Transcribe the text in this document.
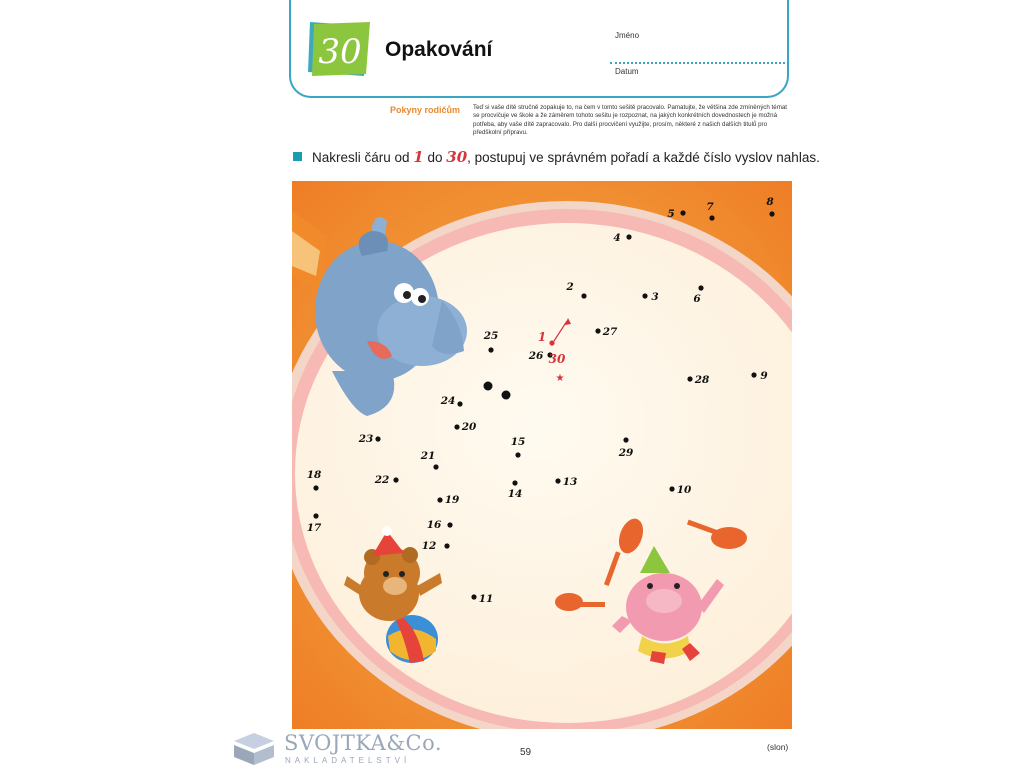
30 Opakování
Jméno
Datum
Pokyny rodičům Teď si vaše dítě stručně zopakuje to, na čem v tomto sešitě pracovalo. Pamatujte, že většina zde zmíněných témat se procvičuje ve škole a že záměrem tohoto sešitu je rozpoznat, na jakých konkrétních dovednostech je možná potřeba, aby vaše dítě zapracovalo. Pro další procvičení využijte, prosím, některé z našich dalších titulů pro předškolní přípravu.
Nakresli čáru od 1 do 30, postupuj ve správném pořadí a každé číslo vyslov nahlas.
1
2
3
4
5
6
7	8
9
10
11
12
13
14
15
16
17
18
19
20
21
22
23
24
25
26
27
28
29
30
★
SVOJTKA&Co.
NAKLADATELSTVÍ
59	(slon)
